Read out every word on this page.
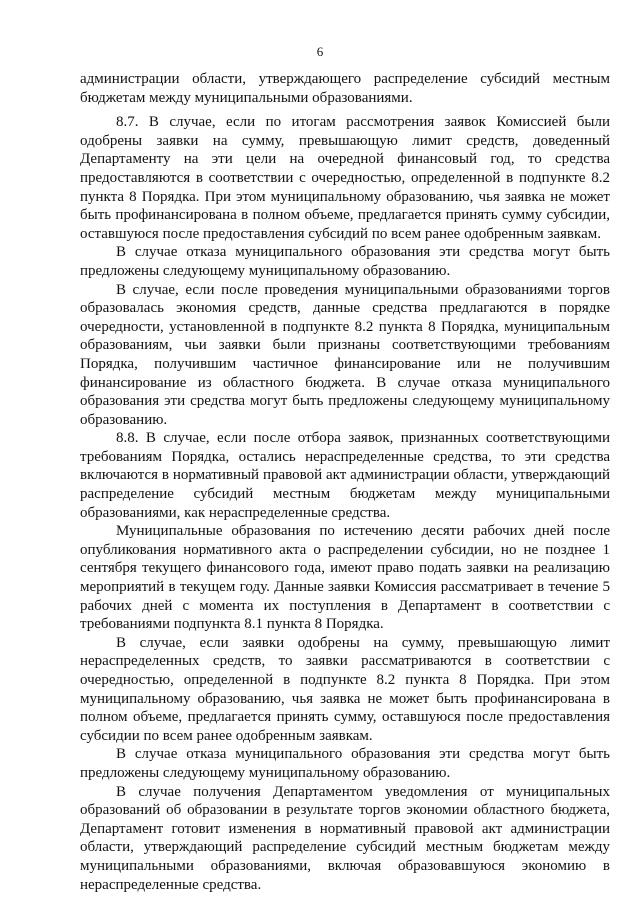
6

администрации области, утверждающего распределение субсидий местным бюджетам между муниципальными образованиями.

8.7. В случае, если по итогам рассмотрения заявок Комиссией были одобрены заявки на сумму, превышающую лимит средств, доведенный Департаменту на эти цели на очередной финансовый год, то средства предоставляются в соответствии с очередностью, определенной в подпункте 8.2 пункта 8 Порядка. При этом муниципальному образованию, чья заявка не может быть профинансирована в полном объеме, предлагается принять сумму субсидии, оставшуюся после предоставления субсидий по всем ранее одобренным заявкам.

В случае отказа муниципального образования эти средства могут быть предложены следующему муниципальному образованию.

В случае, если после проведения муниципальными образованиями торгов образовалась экономия средств, данные средства предлагаются в порядке очередности, установленной в подпункте 8.2 пункта 8 Порядка, муниципальным образованиям, чьи заявки были признаны соответствующими требованиям Порядка, получившим частичное финансирование или не получившим финансирование из областного бюджета. В случае отказа муниципального образования эти средства могут быть предложены следующему муниципальному образованию.

8.8. В случае, если после отбора заявок, признанных соответствующими требованиям Порядка, остались нераспределенные средства, то эти средства включаются в нормативный правовой акт администрации области, утверждающий распределение субсидий местным бюджетам между муниципальными образованиями, как нераспределенные средства.

Муниципальные образования по истечению десяти рабочих дней после опубликования нормативного акта о распределении субсидии, но не позднее 1 сентября текущего финансового года, имеют право подать заявки на реализацию мероприятий в текущем году. Данные заявки Комиссия рассматривает в течение 5 рабочих дней с момента их поступления в Департамент в соответствии с требованиями подпункта 8.1 пункта 8 Порядка.

В случае, если заявки одобрены на сумму, превышающую лимит нераспределенных средств, то заявки рассматриваются в соответствии с очередностью, определенной в подпункте 8.2 пункта 8 Порядка. При этом муниципальному образованию, чья заявка не может быть профинансирована в полном объеме, предлагается принять сумму, оставшуюся после предоставления субсидии по всем ранее одобренным заявкам.

В случае отказа муниципального образования эти средства могут быть предложены следующему муниципальному образованию.

В случае получения Департаментом уведомления от муниципальных образований об образовании в результате торгов экономии областного бюджета, Департамент готовит изменения в нормативный правовой акт администрации области, утверждающий распределение субсидий местным бюджетам между муниципальными образованиями, включая образовавшуюся экономию в нераспределенные средства.
